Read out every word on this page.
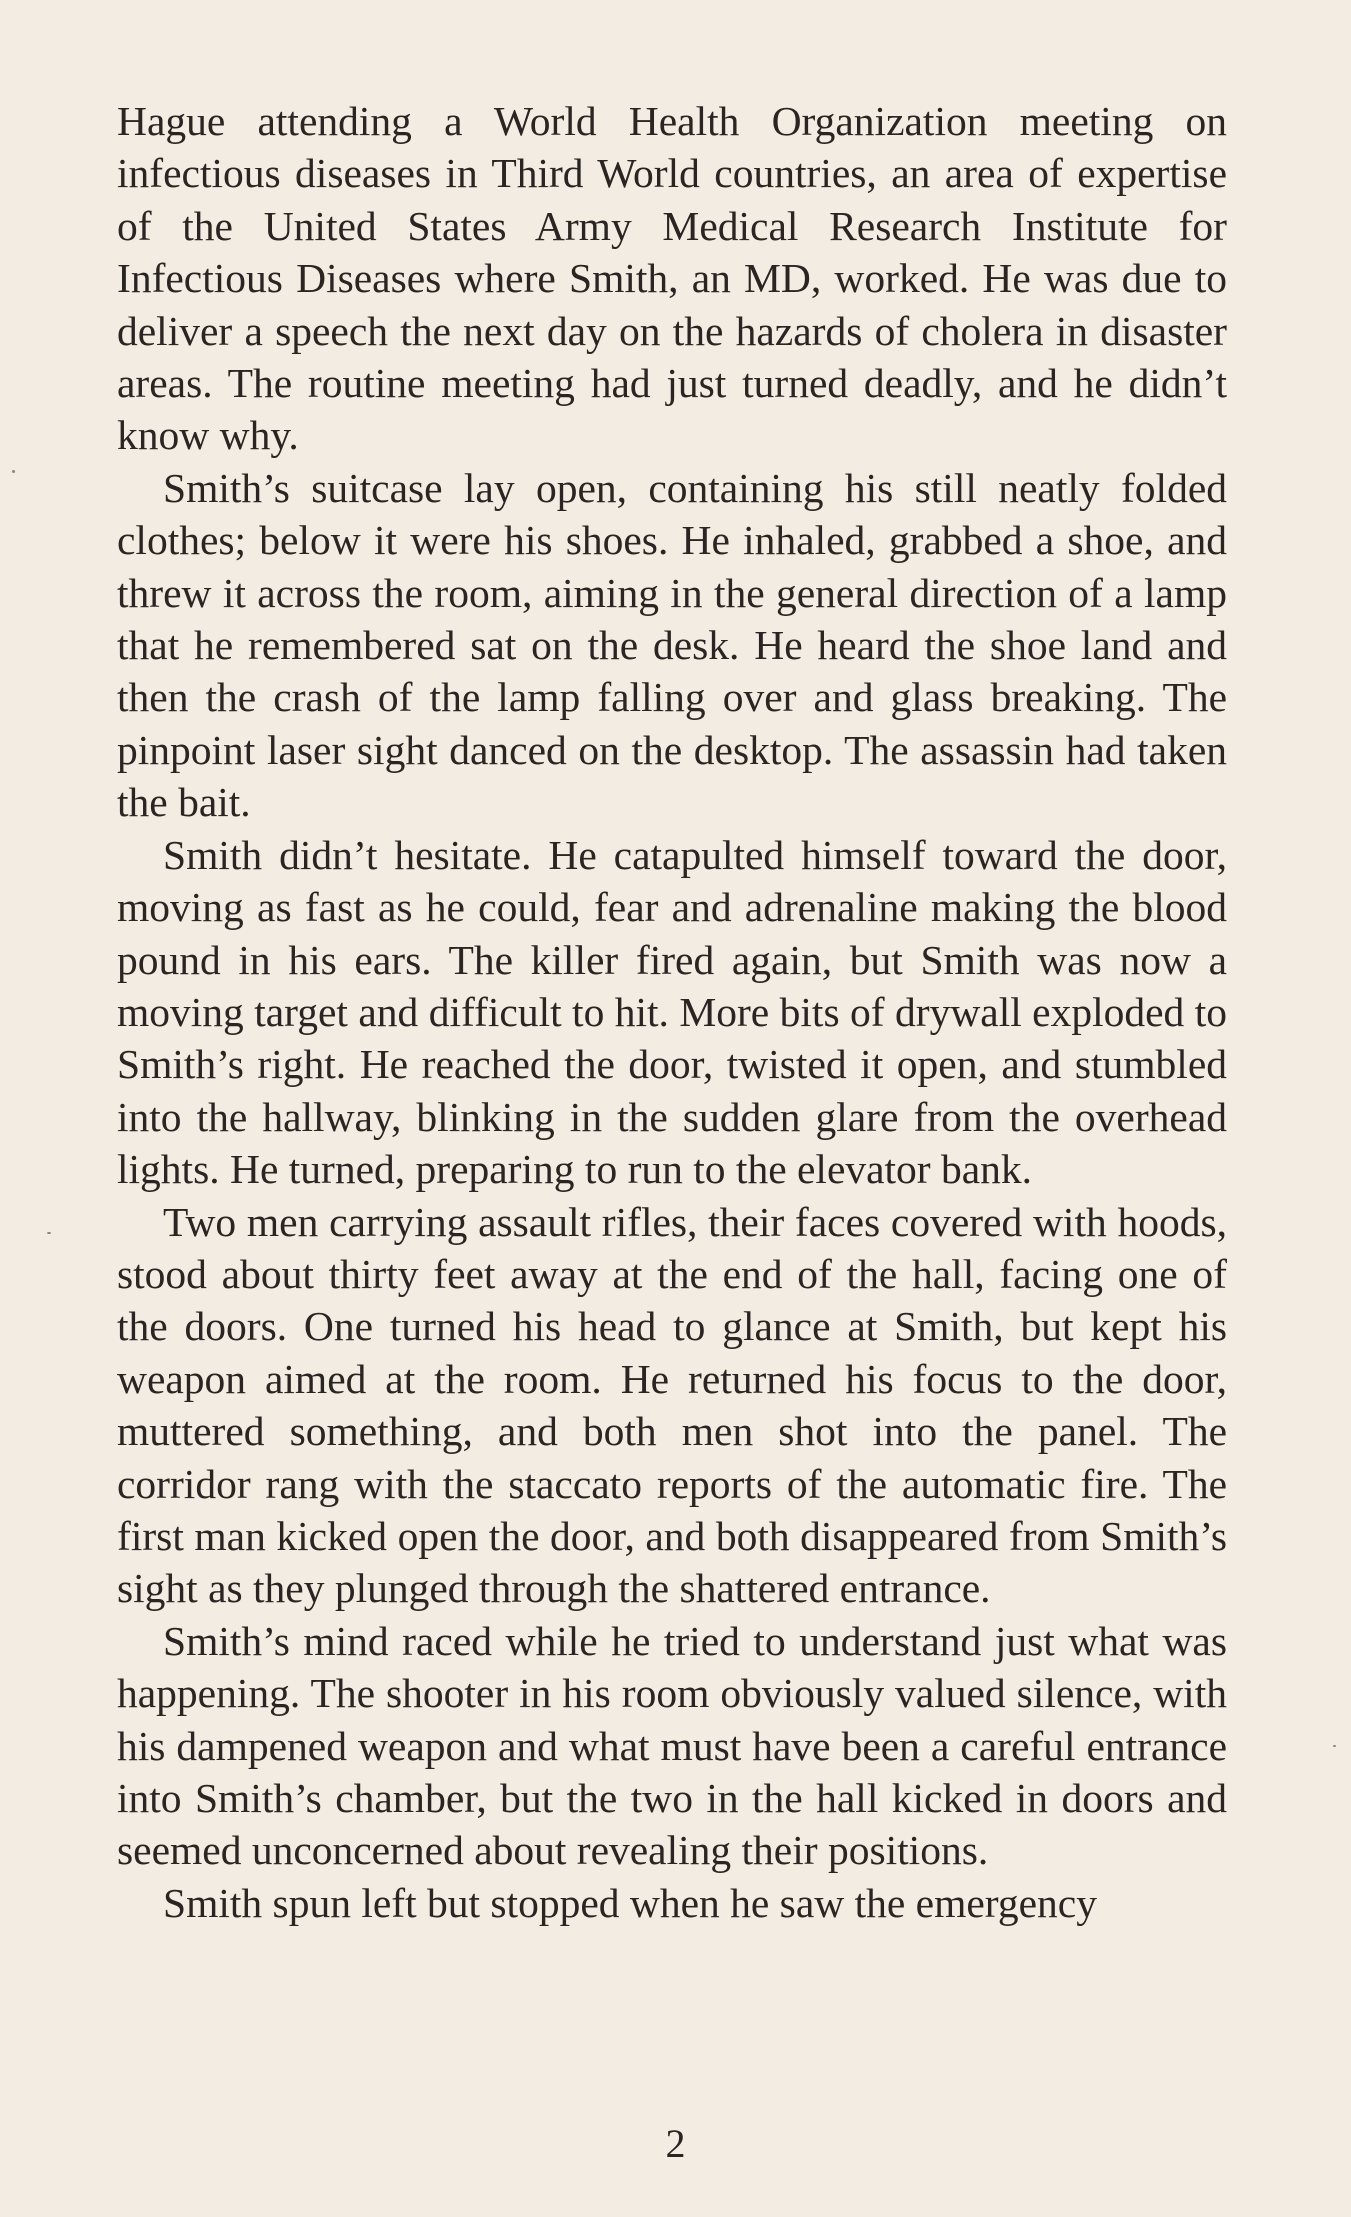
Hague attending a World Health Organization meeting on infectious diseases in Third World countries, an area of expertise of the United States Army Medical Research Institute for Infectious Diseases where Smith, an MD, worked. He was due to deliver a speech the next day on the hazards of cholera in disaster areas. The routine meeting had just turned deadly, and he didn’t know why.

Smith’s suitcase lay open, containing his still neatly folded clothes; below it were his shoes. He inhaled, grabbed a shoe, and threw it across the room, aiming in the general direction of a lamp that he remembered sat on the desk. He heard the shoe land and then the crash of the lamp falling over and glass breaking. The pinpoint laser sight danced on the desktop. The assassin had taken the bait.

Smith didn’t hesitate. He catapulted himself toward the door, moving as fast as he could, fear and adrenaline making the blood pound in his ears. The killer fired again, but Smith was now a moving target and difficult to hit. More bits of drywall exploded to Smith’s right. He reached the door, twisted it open, and stumbled into the hallway, blinking in the sudden glare from the overhead lights. He turned, preparing to run to the elevator bank.

Two men carrying assault rifles, their faces covered with hoods, stood about thirty feet away at the end of the hall, facing one of the doors. One turned his head to glance at Smith, but kept his weapon aimed at the room. He returned his focus to the door, muttered something, and both men shot into the panel. The corridor rang with the staccato reports of the automatic fire. The first man kicked open the door, and both disappeared from Smith’s sight as they plunged through the shattered entrance.

Smith’s mind raced while he tried to understand just what was happening. The shooter in his room obviously valued silence, with his dampened weapon and what must have been a careful entrance into Smith’s chamber, but the two in the hall kicked in doors and seemed unconcerned about revealing their positions.

Smith spun left but stopped when he saw the emergency

2
